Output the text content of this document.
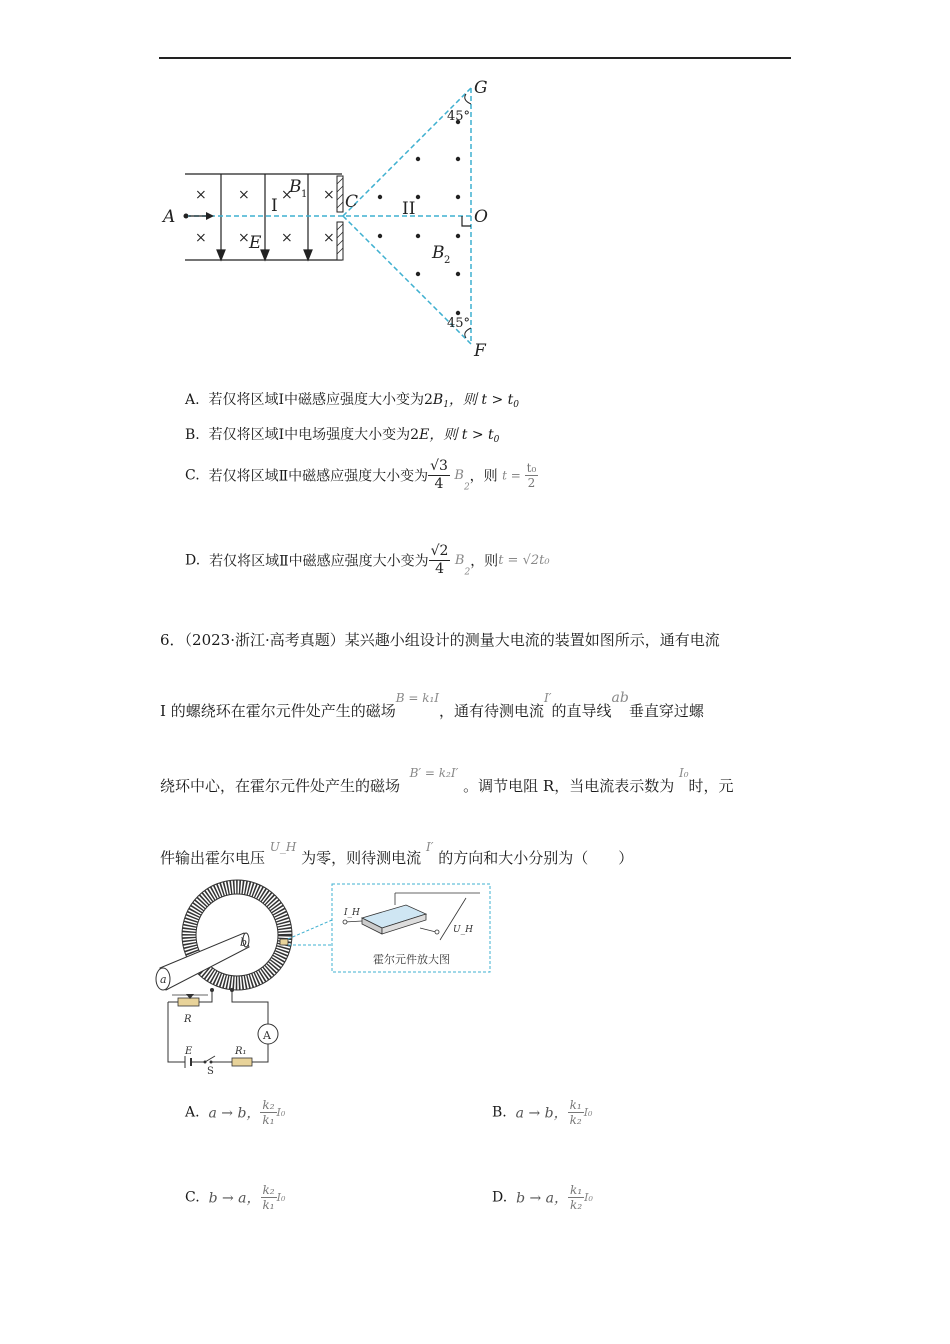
× × × ×
× × × ×
A
C
O
G
F
E
B
B
1
2
I	II
45°
45°
A. 若仅将区域Ⅰ中磁感应强度大小变为$2B_1$，则 $t > t_0$
B. 若仅将区域Ⅰ中电场强度大小变为2E，则 $t > t_0$
C. 若仅将区域Ⅱ中磁感应强度大小变为 $\frac{√3}{4} B_2$，则 $t = \frac{\text{t₀}}{2}$
D. 若仅将区域Ⅱ中磁感应强度大小变为 $\frac{√2}{4} B_2$，则t = √2t₀
6．（2023·浙江·高考真题）某兴趣小组设计的测量大电流的装置如图所示，通有电流
I 的螺绕环在霍尔元件处产生的磁场$^{B = k_1I}$，通有待测电流$^{I'}$的直导线ab垂直穿过螺
绕环中心，在霍尔元件处产生的磁场  $^{B' = k_2I'}$ 。调节电阻 R，当电流表示数为 $^{I_0}$时，元
件输出霍尔电压 $^{U\_H}$ 为零，则待测电流 $^{I'}$ 的方向和大小分别为（　　）
a
b
I_H
U_H
霍尔元件放大图
A
R
E
S
R₁
A. a → b， $\frac{\text{k₂}}{\text{k₁}} I_0$	B. a → b， $\frac{\text{k₁}}{\text{k₂}} I_0$
C. b → a， $\frac{\text{k₂}}{\text{k₁}} I_0$	D. b → a， $\frac{\text{k₁}}{\text{k₂}} I_0$
